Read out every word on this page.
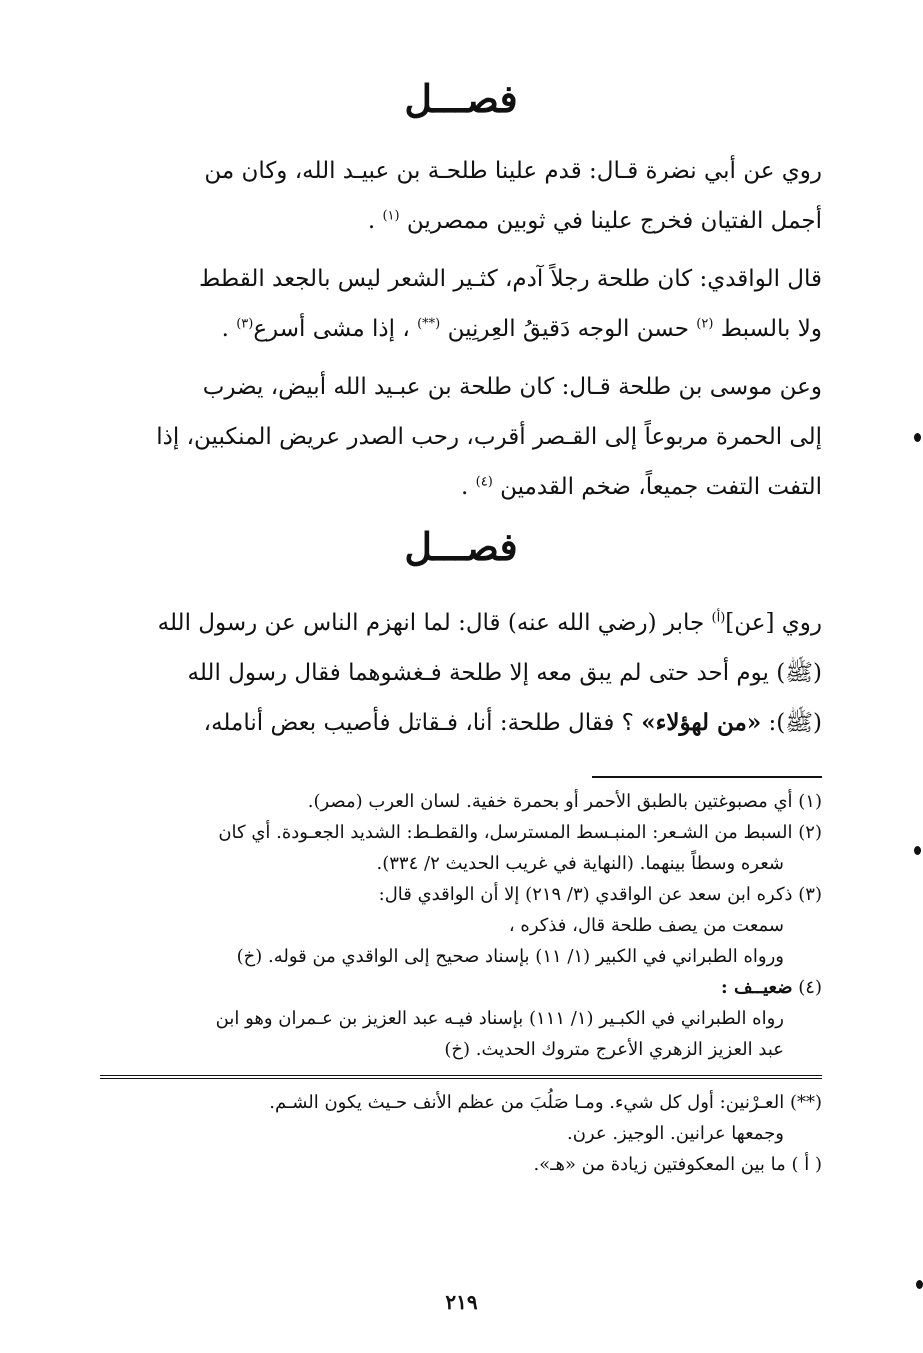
فصـــل
روي عن أبي نضرة قـال: قدم علينا طلحـة بن عبيـد الله، وكان من
أجمل الفتيان فخرج علينا في ثوبين ممصرين $^{(١)}$ .
قال الواقدي: كان طلحة رجلاً آدم، كثـير الشعر ليس بالجعد القطط
ولا بالسبط $^{(٢)}$ حسن الوجه دَقيقُ العِرنِين (**) ، إذا مشى أسرع$^{(٣)}$ .
وعن موسى بن طلحة قـال: كان طلحة بن عبـيد الله أبيض، يضرب
إلى الحمرة مربوعاً إلى القـصر أقرب، رحب الصدر عريض المنكبين، إذا
التفت التفت جميعاً، ضخم القدمين $^{(٤)}$ .
فصـــل
روي [عن]$^{(أ)}$ جابر (رضي الله عنه) قال: لما انهزم الناس عن رسول الله
(ﷺ) يوم أحد حتى لم يبق معه إلا طلحة فـغشوهما فقال رسول الله
(ﷺ): «من لهؤلاء» ؟ فقال طلحة: أنا، فـقاتل فأصيب بعض أنامله،
(١) أي مصبوغتين بالطبق الأحمر أو بحمرة خفية. لسان العرب (مصر).
(٢) السبط من الشـعر: المنبـسط المسترسل، والقطـط: الشديد الجعـودة. أي كان
شعره وسطاً بينهما. (النهاية في غريب الحديث ٢/ ٣٣٤).
(٣) ذكره ابن سعد عن الواقدي (٣/ ٢١٩) إلا أن الواقدي قال:
سمعت من يصف طلحة قال، فذكره ،
ورواه الطبراني في الكبير (١/ ١١) بإسناد صحيح إلى الواقدي من قوله. (خ)
(٤) ضعيــف :
رواه الطبراني في الكبـير (١/ ١١١) بإسناد فيـه عبد العزيز بن عـمران وهو ابن
عبد العزيز الزهري الأعرج متروك الحديث. (خ)
(**) العـرْنين: أول كل شيء. ومـا صَلُبَ من عظم الأنف حـيث يكون الشـم.
وجمعها عرانين. الوجيز. عرن.
( أ ) ما بين المعكوفتين زيادة من «هـ».
٢١٩
